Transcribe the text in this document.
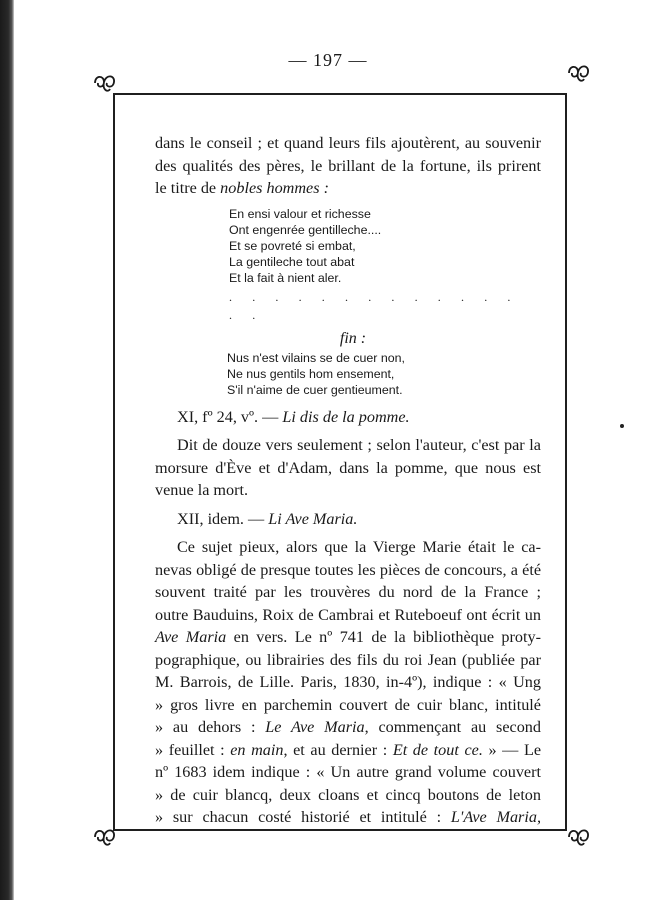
— 197 —
dans le conseil ; et quand leurs fils ajoutèrent, au souvenir
des qualités des pères, le brillant de la fortune, ils prirent
le titre de nobles hommes :
En ensi valour et richesse
Ont engenrée gentilleche....
Et se povreté si embat,
La gentileche tout abat
Et la fait à nient aler.
. . . . . . . . . . . . . . .
fin :
Nus n'est vilains se de cuer non,
Ne nus gentils hom ensement,
S'il n'aime de cuer gentieument.
XI, fº 24, vº. — Li dis de la pomme.
Dit de douze vers seulement ; selon l'auteur, c'est par la
morsure d'Ève et d'Adam, dans la pomme, que nous est
venue la mort.
XII, idem. — Li Ave Maria.
Ce sujet pieux, alors que la Vierge Marie était le ca-
nevas obligé de presque toutes les pièces de concours, a été
souvent traité par les trouvères du nord de la France ;
outre Bauduins, Roix de Cambrai et Ruteboeuf ont écrit un
Ave Maria en vers. Le nº 741 de la bibliothèque proty-
pographique, ou librairies des fils du roi Jean (publiée par
M. Barrois, de Lille. Paris, 1830, in-4º), indique : « Ung
» gros livre en parchemin couvert de cuir blanc, intitulé
» au dehors : Le Ave Maria, commençant au second
» feuillet : en main, et au dernier : Et de tout ce. » — Le
nº 1683 idem indique : « Un autre grand volume couvert
» de cuir blancq, deux cloans et cincq boutons de leton
» sur chacun costé historié et intitulé : L'Ave Maria,
